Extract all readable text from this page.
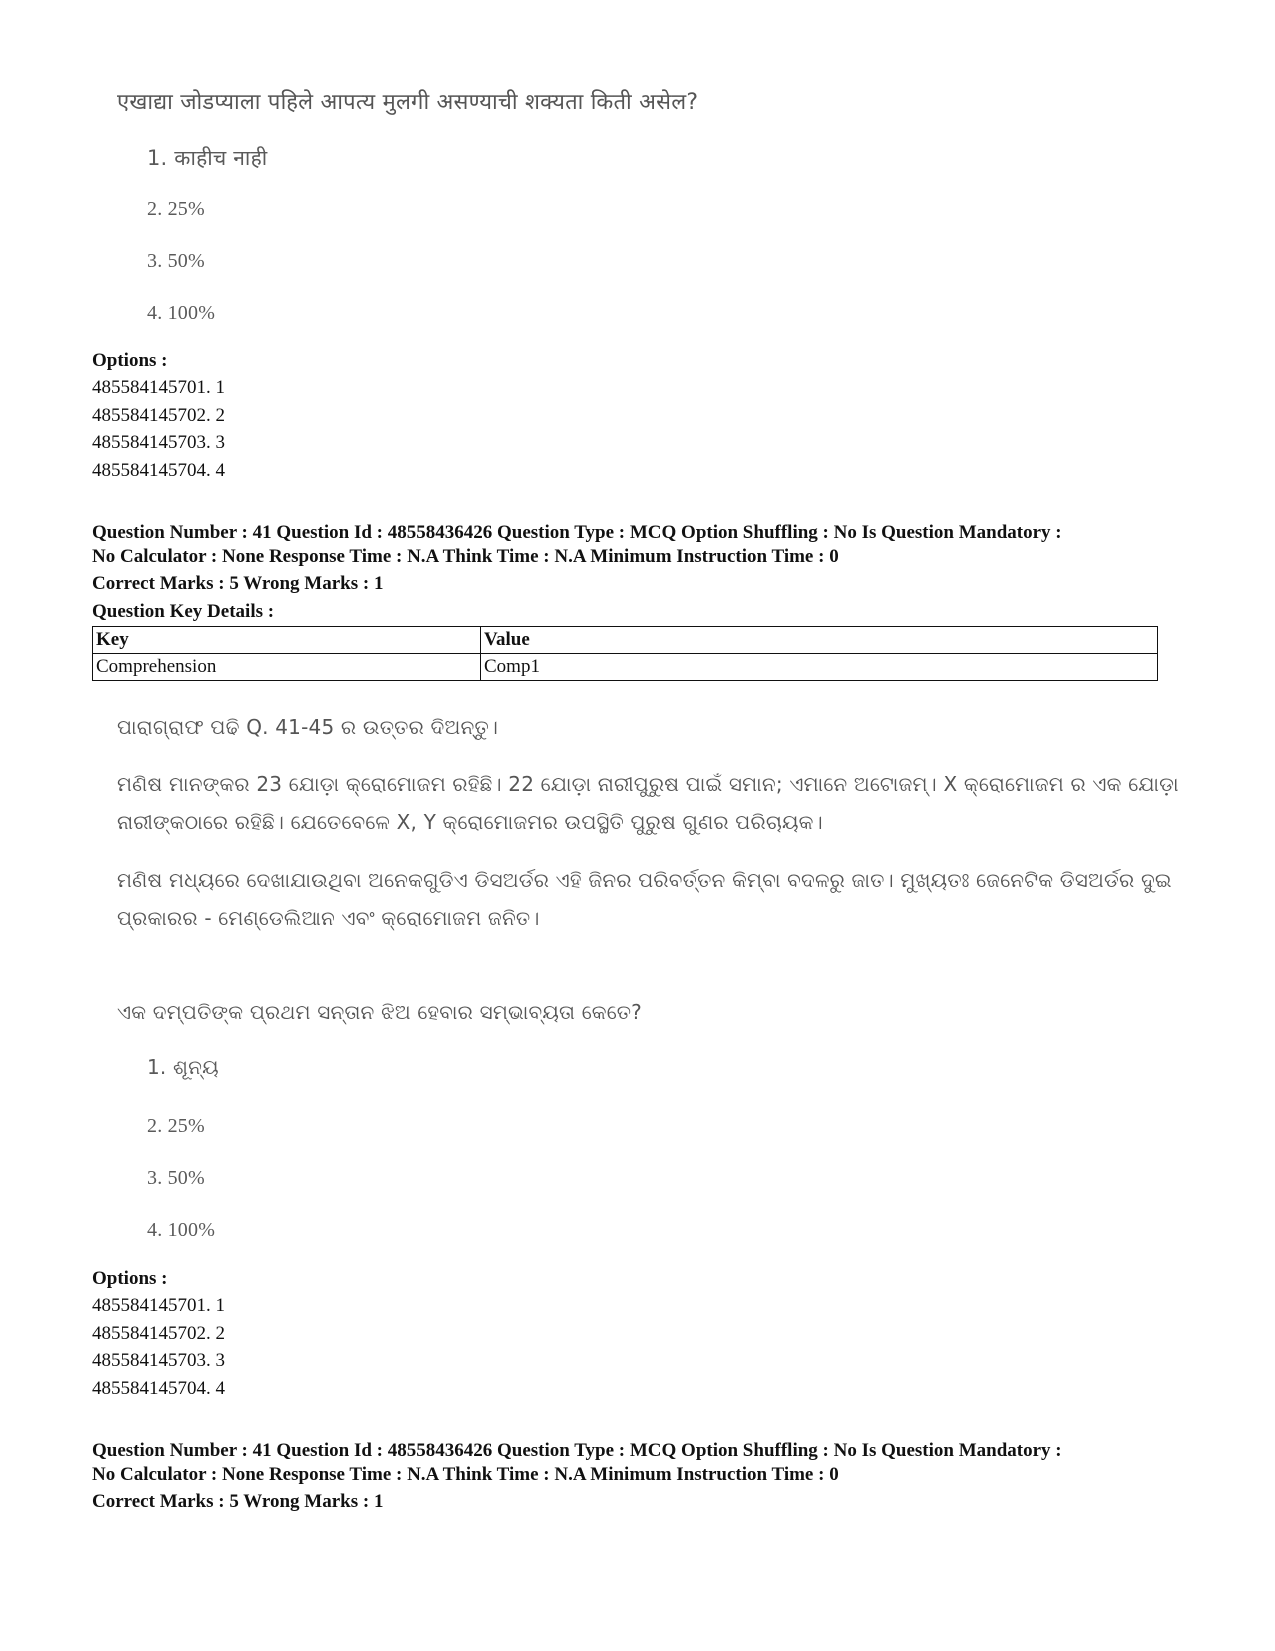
एखाद्या जोडप्याला पहिले आपत्य मुलगी असण्याची शक्यता किती असेल?
1. काहीच नाही
2. 25%
3. 50%
4. 100%
Options :
485584145701. 1
485584145702. 2
485584145703. 3
485584145704. 4
Question Number : 41 Question Id : 48558436426 Question Type : MCQ Option Shuffling : No Is Question Mandatory :
No Calculator : None Response Time : N.A Think Time : N.A Minimum Instruction Time : 0
Correct Marks : 5 Wrong Marks : 1
Question Key Details :
Key	Value
Comprehension	Comp1
ପାରାଗ୍ରାଫ ପଢି Q. 41-45 ର ଉତ୍ତର ଦିଅନ୍ତୁ।
ମଣିଷ ମାନଙ୍କର 23 ଯୋଡ଼ା କ୍ରୋମୋଜମ ରହିଛି। 22 ଯୋଡ଼ା ନାରୀପୁରୁଷ ପାଇଁ ସମାନ; ଏମାନେ ଅଟୋଜମ୍। X କ୍ରୋମୋଜମ ର ଏକ ଯୋଡ଼ା
ନାରୀଙ୍କଠାରେ ରହିଛି। ଯେତେବେଳେ X, Y କ୍ରୋମୋଜମର ଉପସ୍ଥିତି ପୁରୁଷ ଗୁଣର ପରିଚାୟକ।
ମଣିଷ ମଧ୍ୟରେ ଦେଖାଯାଉଥିବା ଅନେକଗୁଡିଏ ଡିସଅର୍ଡର ଏହି ଜିନର ପରିବର୍ତ୍ତନ କିମ୍ବା ବଦଳରୁ ଜାତ। ମୁଖ୍ୟତଃ ଜେନେଟିକ ଡିସଅର୍ଡର ଦୁଇ
ପ୍ରକାରର - ମେଣ୍ଡେଲିଆନ ଏବଂ କ୍ରୋମୋଜମ ଜନିତ।
ଏକ ଦମ୍ପତିଙ୍କ ପ୍ରଥମ ସନ୍ତାନ ଝିଅ ହେବାର ସମ୍ଭାବ୍ୟତା କେତେ?
1. ଶୂନ୍ୟ
2. 25%
3. 50%
4. 100%
Options :
485584145701. 1
485584145702. 2
485584145703. 3
485584145704. 4
Question Number : 41 Question Id : 48558436426 Question Type : MCQ Option Shuffling : No Is Question Mandatory :
No Calculator : None Response Time : N.A Think Time : N.A Minimum Instruction Time : 0
Correct Marks : 5 Wrong Marks : 1
